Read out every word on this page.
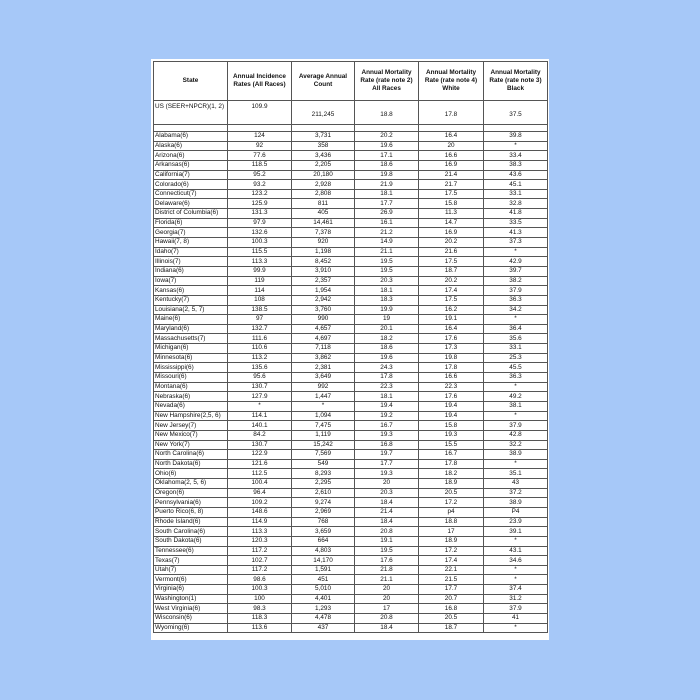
State	Annual Incidence Rates (All Races)	Average Annual Count	Annual Mortality Rate (rate note 2) All Races	Annual Mortality Rate (rate note 4) White	Annual Mortality Rate (rate note 3) Black
US (SEER+NPCR)(1, 2)	109.9	211,245	18.8	17.8	37.5

Alabama(6)	124	3,731	20.2	16.4	39.8
Alaska(6)	92	358	19.6	20	*
Arizona(6)	77.6	3,436	17.1	16.6	33.4
Arkansas(6)	118.5	2,205	18.6	16.9	38.3
California(7)	95.2	20,180	19.8	21.4	43.6
Colorado(6)	93.2	2,928	21.9	21.7	45.1
Connecticut(7)	123.2	2,808	18.1	17.5	33.1
Delaware(6)	125.9	811	17.7	15.8	32.8
District of Columbia(6)	131.3	405	26.9	11.3	41.8
Florida(6)	97.9	14,461	16.1	14.7	33.5
Georgia(7)	132.6	7,378	21.2	16.9	41.3
Hawaii(7, 8)	100.3	920	14.9	20.2	37.3
Idaho(7)	115.5	1,198	21.1	21.6	*
Illinois(7)	113.3	8,452	19.5	17.5	42.9
Indiana(6)	99.9	3,910	19.5	18.7	39.7
Iowa(7)	119	2,357	20.3	20.2	38.2
Kansas(6)	114	1,954	18.1	17.4	37.9
Kentucky(7)	108	2,942	18.3	17.5	36.3
Louisiana(2, 5, 7)	138.5	3,760	19.9	16.2	34.2
Maine(6)	97	990	19	19.1	*
Maryland(6)	132.7	4,657	20.1	16.4	36.4
Massachusetts(7)	111.6	4,697	18.2	17.6	35.6
Michigan(6)	110.6	7,118	18.6	17.3	33.1
Minnesota(6)	113.2	3,862	19.6	19.8	25.3
Mississippi(6)	135.6	2,381	24.3	17.8	45.5
Missouri(6)	95.6	3,649	17.8	16.6	36.3
Montana(6)	130.7	992	22.3	22.3	*
Nebraska(6)	127.9	1,447	18.1	17.6	49.2
Nevada(6)	*	*	19.4	19.4	38.1
New Hampshire(2,5, 6)	114.1	1,094	19.2	19.4	*
New Jersey(7)	140.1	7,475	16.7	15.8	37.9
New Mexico(7)	84.2	1,119	19.3	19.3	42.8
New York(7)	130.7	15,242	16.8	15.5	32.2
North Carolina(6)	122.9	7,569	19.7	16.7	38.9
North Dakota(6)	121.6	549	17.7	17.8	*
Ohio(6)	112.5	8,293	19.3	18.2	35.1
Oklahoma(2, 5, 6)	100.4	2,295	20	18.9	43
Oregon(6)	96.4	2,610	20.3	20.5	37.2
Pennsylvania(6)	109.2	9,274	18.4	17.2	38.9
Puerto Rico(6, 8)	148.6	2,969	21.4	p4	P4
Rhode Island(6)	114.9	768	18.4	18.8	23.9
South Carolina(6)	113.3	3,659	20.8	17	39.1
South Dakota(6)	120.3	664	19.1	18.9	*
Tennessee(6)	117.2	4,803	19.5	17.2	43.1
Texas(7)	102.7	14,170	17.6	17.4	34.6
Utah(7)	117.2	1,591	21.8	22.1	*
Vermont(6)	98.6	451	21.1	21.5	*
Virginia(6)	100.3	5,010	20	17.7	37.4
Washington(1)	100	4,401	20	20.7	31.2
West Virginia(6)	98.3	1,293	17	16.8	37.9
Wisconsin(6)	118.3	4,478	20.8	20.5	41
Wyoming(6)	113.6	437	18.4	18.7	*
